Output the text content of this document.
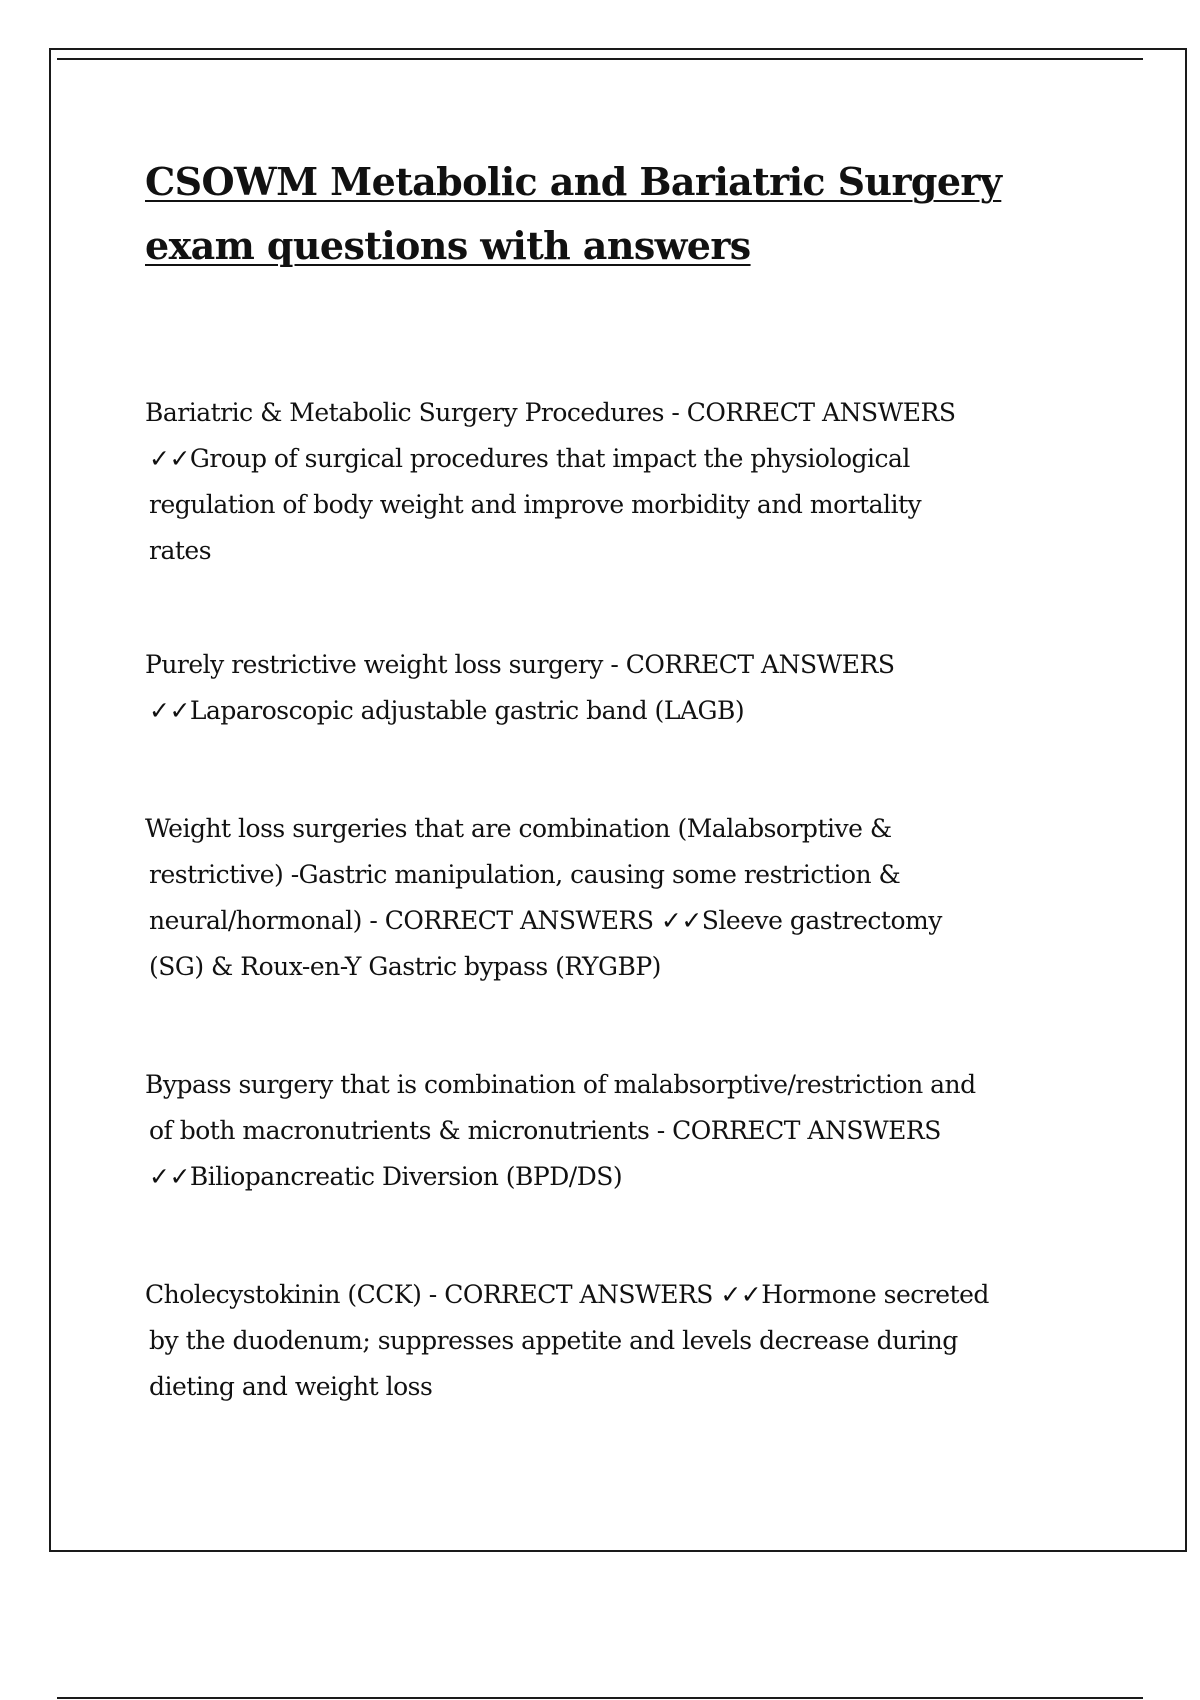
CSOWM Metabolic and Bariatric Surgery
exam questions with answers
Bariatric & Metabolic Surgery Procedures - CORRECT ANSWERS
✓✓Group of surgical procedures that impact the physiological
regulation of body weight and improve morbidity and mortality
rates
Purely restrictive weight loss surgery - CORRECT ANSWERS
✓✓Laparoscopic adjustable gastric band (LAGB)
Weight loss surgeries that are combination (Malabsorptive &
restrictive) -Gastric manipulation, causing some restriction &
neural/hormonal) - CORRECT ANSWERS ✓✓Sleeve gastrectomy
(SG) & Roux-en-Y Gastric bypass (RYGBP)
Bypass surgery that is combination of malabsorptive/restriction and
of both macronutrients & micronutrients - CORRECT ANSWERS
✓✓Biliopancreatic Diversion (BPD/DS)
Cholecystokinin (CCK) - CORRECT ANSWERS ✓✓Hormone secreted
by the duodenum; suppresses appetite and levels decrease during
dieting and weight loss
